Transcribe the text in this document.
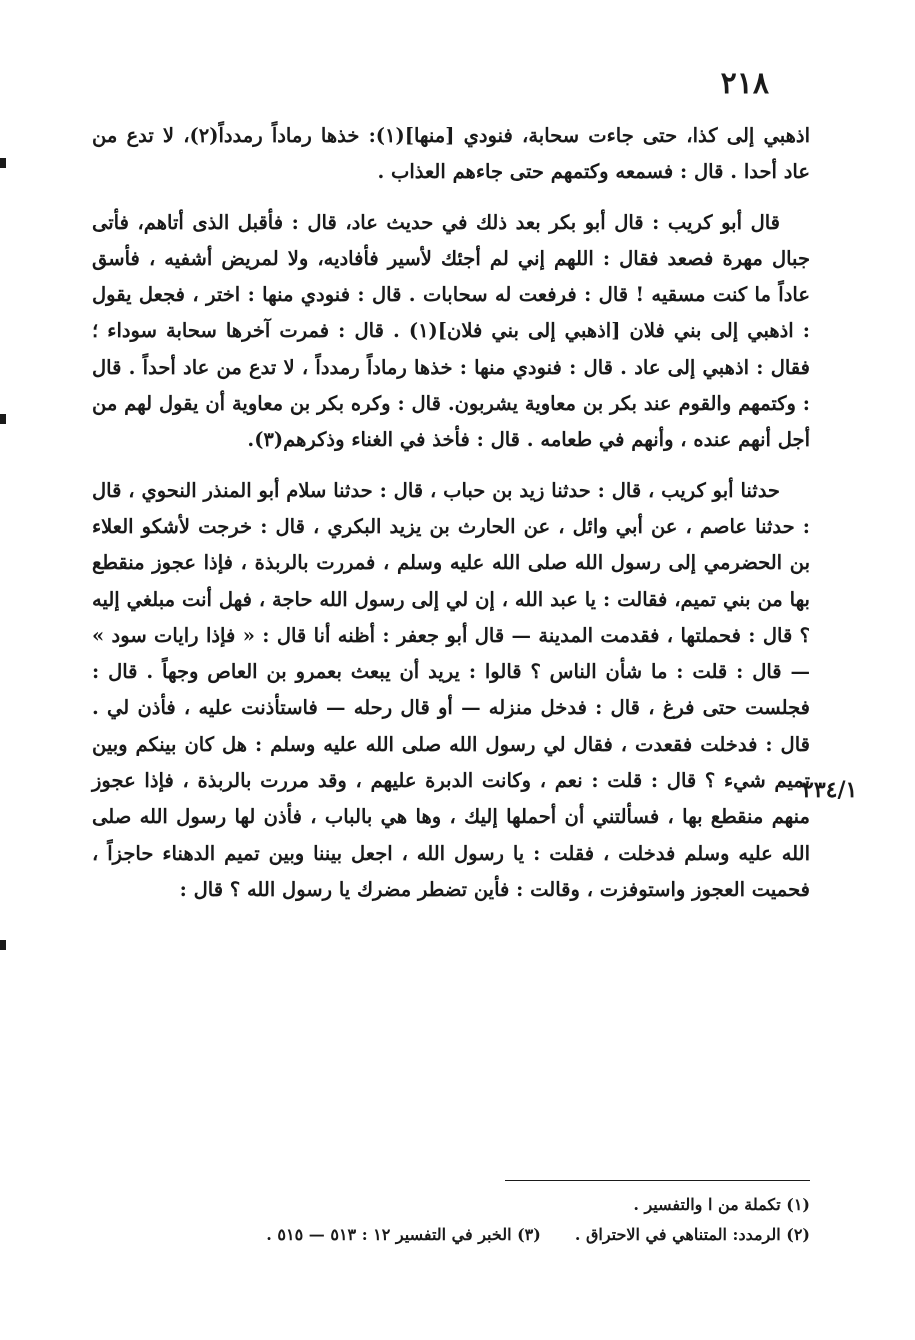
٢١٨
٢٣٤/١

اذهبي إلى كذا، حتى جاءت سحابة، فنودي [منها](١): خذها رماداً رمدداً(٢)، لا تدع من عاد أحدا . قال : فسمعه وكتمهم حتى جاءهم العذاب .

قال أبو كريب : قال أبو بكر بعد ذلك في حديث عاد، قال : فأقبل الذى أتاهم، فأتى جبال مهرة فصعد فقال : اللهم إني لم أجئك لأسير فأفاديه، ولا لمريض أشفيه ، فأسق عاداً ما كنت مسقيه ! قال : فرفعت له سحابات . قال : فنودي منها : اختر ، فجعل يقول : اذهبي إلى بني فلان [اذهبي إلى بني فلان](١) . قال : فمرت آخرها سحابة سوداء ؛ فقال : اذهبي إلى عاد . قال : فنودي منها : خذها رماداً رمدداً ، لا تدع من عاد أحداً . قال : وكتمهم والقوم عند بكر بن معاوية يشربون. قال : وكره بكر بن معاوية أن يقول لهم من أجل أنهم عنده ، وأنهم في طعامه . قال : فأخذ في الغناء وذكرهم(٣).

حدثنا أبو كريب ، قال : حدثنا زيد بن حباب ، قال : حدثنا سلام أبو المنذر النحوي ، قال : حدثنا عاصم ، عن أبي وائل ، عن الحارث بن يزيد البكري ، قال : خرجت لأشكو العلاء بن الحضرمي إلى رسول الله صلى الله عليه وسلم ، فمررت بالربذة ، فإذا عجوز منقطع بها من بني تميم، فقالت : يا عبد الله ، إن لي إلى رسول الله حاجة ، فهل أنت مبلغي إليه ؟ قال : فحملتها ، فقدمت المدينة — قال أبو جعفر : أظنه أنا قال : « فإذا رايات سود » — قال : قلت : ما شأن الناس ؟ قالوا : يريد أن يبعث بعمرو بن العاص وجهاً . قال : فجلست حتى فرغ ، قال : فدخل منزله — أو قال رحله — فاستأذنت عليه ، فأذن لي . قال : فدخلت فقعدت ، فقال لي رسول الله صلى الله عليه وسلم : هل كان بينكم وبين تميم شيء ؟ قال : قلت : نعم ، وكانت الدبرة عليهم ، وقد مررت بالربذة ، فإذا عجوز منهم منقطع بها ، فسألتني أن أحملها إليك ، وها هي بالباب ، فأذن لها رسول الله صلى الله عليه وسلم فدخلت ، فقلت : يا رسول الله ، اجعل بيننا وبين تميم الدهناء حاجزاً ، فحميت العجوز واستوفزت ، وقالت : فأين تضطر مضرك يا رسول الله ؟ قال :

(١) تكملة من ا والتفسير .
(٢) الرمدد: المتناهي في الاحتراق .(٣) الخبر في التفسير ١٢ : ٥١٣ — ٥١٥ .
